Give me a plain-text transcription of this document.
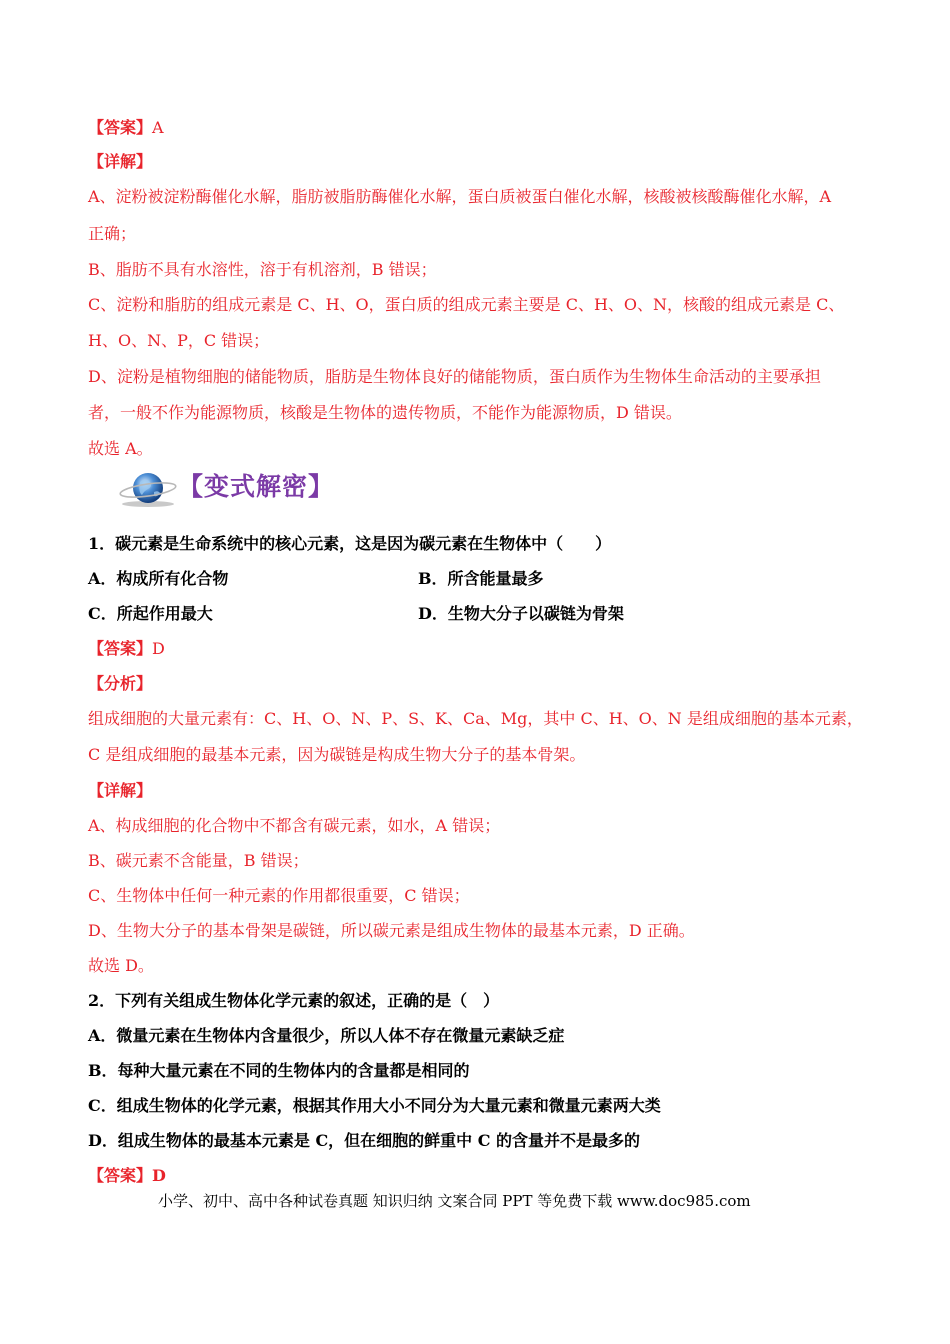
【答案】A
【详解】
A、淀粉被淀粉酶催化水解，脂肪被脂肪酶催化水解，蛋白质被蛋白催化水解，核酸被核酸酶催化水解，A
正确；
B、脂肪不具有水溶性，溶于有机溶剂，B 错误；
C、淀粉和脂肪的组成元素是 C、H、O，蛋白质的组成元素主要是 C、H、O、N，核酸的组成元素是 C、
H、O、N、P，C 错误；
D、淀粉是植物细胞的储能物质，脂肪是生物体良好的储能物质，蛋白质作为生物体生命活动的主要承担
者，一般不作为能源物质，核酸是生物体的遗传物质，不能作为能源物质，D 错误。
故选 A。
【变式解密】
1．碳元素是生命系统中的核心元素，这是因为碳元素在生物体中（　　）
A．构成所有化合物	B．所含能量最多
C．所起作用最大	D．生物大分子以碳链为骨架
【答案】D
【分析】
组成细胞的大量元素有：C、H、O、N、P、S、K、Ca、Mg，其中 C、H、O、N 是组成细胞的基本元素，
C 是组成细胞的最基本元素，因为碳链是构成生物大分子的基本骨架。
【详解】
A、构成细胞的化合物中不都含有碳元素，如水，A 错误；
B、碳元素不含能量，B 错误；
C、生物体中任何一种元素的作用都很重要，C 错误；
D、生物大分子的基本骨架是碳链，所以碳元素是组成生物体的最基本元素，D 正确。
故选 D。
2．下列有关组成生物体化学元素的叙述，正确的是（　）
A．微量元素在生物体内含量很少，所以人体不存在微量元素缺乏症
B．每种大量元素在不同的生物体内的含量都是相同的
C．组成生物体的化学元素，根据其作用大小不同分为大量元素和微量元素两大类
D．组成生物体的最基本元素是 C，但在细胞的鲜重中 C 的含量并不是最多的
【答案】D
小学、初中、高中各种试卷真题 知识归纳 文案合同 PPT 等免费下载 www.doc985.com
